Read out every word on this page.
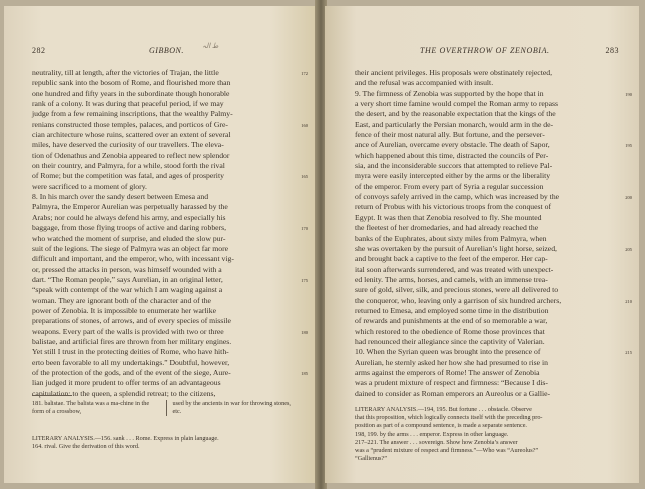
282	GIBBON.	ط الہ
neutrality, till at length, after the victories of Trajan, the little	172
republic sank into the bosom of Rome, and flourished more than
one hundred and fifty years in the subordinate though honorable
rank of a colony. It was during that peaceful period, if we may
judge from a few remaining inscriptions, that the wealthy Palmy-
renians constructed those temples, palaces, and porticos of Gre-	160
cian architecture whose ruins, scattered over an extent of several
miles, have deserved the curiosity of our travellers. The eleva-
tion of Odenathus and Zenobia appeared to reflect new splendor
on their country, and Palmyra, for a while, stood forth the rival
of Rome; but the competition was fatal, and ages of prosperity	165
were sacrificed to a moment of glory.
8. In his march over the sandy desert between Emesa and
Palmyra, the Emperor Aurelian was perpetually harassed by the
Arabs; nor could he always defend his army, and especially his
baggage, from those flying troops of active and daring robbers,	170
who watched the moment of surprise, and eluded the slow pur-
suit of the legions. The siege of Palmyra was an object far more
difficult and important, and the emperor, who, with incessant vig-
or, pressed the attacks in person, was himself wounded with a
dart. “The Roman people,” says Aurelian, in an original letter,	175
“speak with contempt of the war which I am waging against a
woman. They are ignorant both of the character and of the
power of Zenobia. It is impossible to enumerate her warlike
preparations of stones, of arrows, and of every species of missile
weapons. Every part of the walls is provided with two or three	180
balistae, and artificial fires are thrown from her military engines.
Yet still I trust in the protecting deities of Rome, who have hith-
erto been favorable to all my undertakings.” Doubtful, however,
of the protection of the gods, and of the event of the siege, Aure-	185
lian judged it more prudent to offer terms of an advantageous
capitulation: to the queen, a splendid retreat; to the citizens,
181. balistae. The balista was a ma-chine in the form of a crossbow,
used by the ancients in war for throwing stones, etc.
LITERARY ANALYSIS.—156. sank . . . Rome. Express in plain language.
164. rival. Give the derivation of this word.
THE OVERTHROW OF ZENOBIA.	283
their ancient privileges. His proposals were obstinately rejected,
and the refusal was accompanied with insult.
9. The firmness of Zenobia was supported by the hope that in	190
a very short time famine would compel the Roman army to repass
the desert, and by the reasonable expectation that the kings of the
East, and particularly the Persian monarch, would arm in the de-
fence of their most natural ally. But fortune, and the persever-
ance of Aurelian, overcame every obstacle. The death of Sapor,	195
which happened about this time, distracted the councils of Per-
sia, and the inconsiderable succors that attempted to relieve Pal-
myra were easily intercepted either by the arms or the liberality
of the emperor. From every part of Syria a regular succession
of convoys safely arrived in the camp, which was increased by the	200
return of Probus with his victorious troops from the conquest of
Egypt. It was then that Zenobia resolved to fly. She mounted
the fleetest of her dromedaries, and had already reached the
banks of the Euphrates, about sixty miles from Palmyra, when
she was overtaken by the pursuit of Aurelian’s light horse, seized,	205
and brought back a captive to the feet of the emperor. Her cap-
ital soon afterwards surrendered, and was treated with unexpect-
ed lenity. The arms, horses, and camels, with an immense trea-
sure of gold, silver, silk, and precious stones, were all delivered to
the conqueror, who, leaving only a garrison of six hundred archers,	210
returned to Emesa, and employed some time in the distribution
of rewards and punishments at the end of so memorable a war,
which restored to the obedience of Rome those provinces that
had renounced their allegiance since the captivity of Valerian.
10. When the Syrian queen was brought into the presence of	215
Aurelian, he sternly asked her how she had presumed to rise in
arms against the emperors of Rome! The answer of Zenobia
was a prudent mixture of respect and firmness: “Because I dis-
dained to consider as Roman emperors an Aureolus or a Gallie-
LITERARY ANALYSIS.—194, 195. But fortune . . . obstacle. Observe
that this proposition, which logically connects itself with the preceding pro-
position as part of a compound sentence, is made a separate sentence.
198, 199. by the arms . . . emperor. Express in other language.
217–221. The answer . . . sovereign. Show how Zenobia’s answer
was a “prudent mixture of respect and firmness.”—Who was “Aureolus?”
“Gallienus?”
